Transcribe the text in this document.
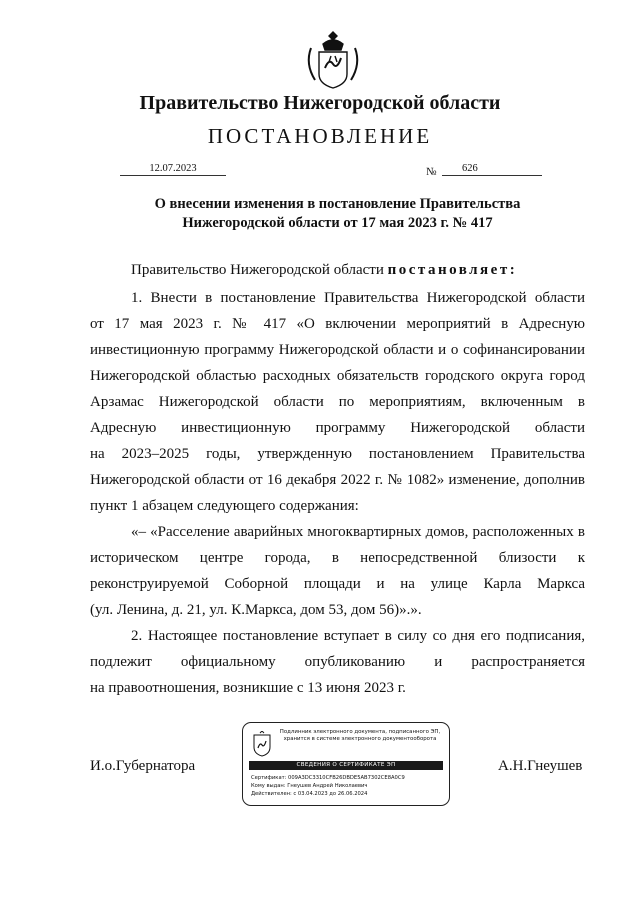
Правительство Нижегородской области
ПОСТАНОВЛЕНИЕ
12.07.2023	№	626
О внесении изменения в постановление Правительства
Нижегородской области от 17 мая 2023 г. № 417
Правительство Нижегородской области постановляет:
1. Внести в постановление Правительства Нижегородской области
от 17 мая 2023 г. № 417 «О включении мероприятий в Адресную
инвестиционную программу Нижегородской области и о софинансировании
Нижегородской областью расходных обязательств городского округа город
Арзамас Нижегородской области по мероприятиям, включенным в
Адресную инвестиционную программу Нижегородской области
на 2023–2025 годы, утвержденную постановлением Правительства
Нижегородской области от 16 декабря 2022 г. № 1082» изменение, дополнив
пункт 1 абзацем следующего содержания:
«– «Расселение аварийных многоквартирных домов, расположенных в
историческом центре города, в непосредственной близости к
реконструируемой Соборной площади и на улице Карла Маркса
(ул. Ленина, д. 21, ул. К.Маркса, дом 53, дом 56)».».
2. Настоящее постановление вступает в силу со дня его подписания,
подлежит официальному опубликованию и распространяется
на правоотношения, возникшие с 13 июня 2023 г.
Подлинник электронного документа, подписанного ЭП,
хранится в системе электронного документооборота
СВЕДЕНИЯ О СЕРТИФИКАТЕ ЭП
Сертификат: 009A3DC3310CFB26DBDE5AB7302CE8A0C9
Кому выдан: Гнеушев Андрей Николаевич
Действителен: с 03.04.2023 до 26.06.2024
И.о.Губернатора	А.Н.Гнеушев
